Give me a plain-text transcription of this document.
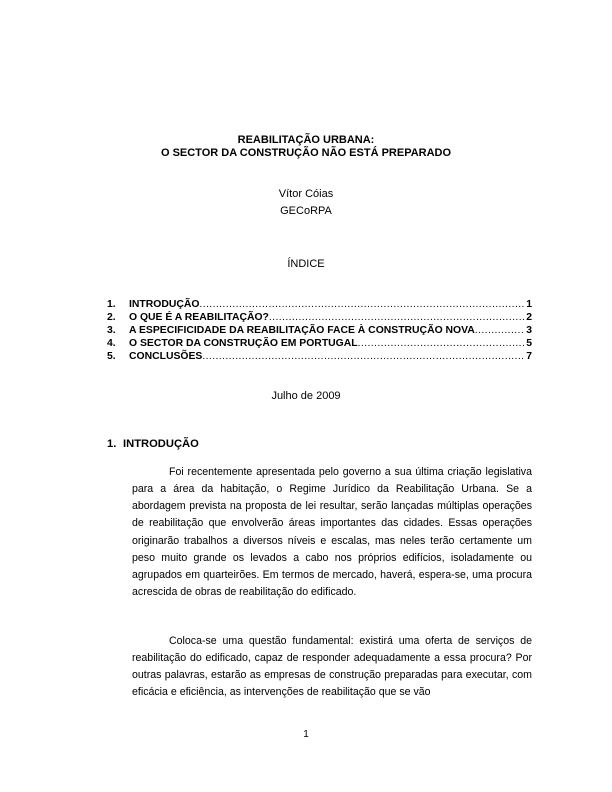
REABILITAÇÃO URBANA:
O SECTOR DA CONSTRUÇÃO NÃO ESTÁ PREPARADO
Vítor Cóias
GECoRPA
ÍNDICE
1.	INTRODUÇÃO .....	1
2.	O QUE É A REABILITAÇÃO? .....	2
3.	A ESPECIFICIDADE DA REABILITAÇÃO FACE À CONSTRUÇÃO NOVA .....	3
4.	O SECTOR DA CONSTRUÇÃO EM PORTUGAL .....	5
5.	CONCLUSÕES .....	7
Julho de 2009
1. INTRODUÇÃO

Foi recentemente apresentada pelo governo a sua última criação legislativa para a área da habitação, o Regime Jurídico da Reabilitação Urbana. Se a abordagem prevista na proposta de lei resultar, serão lançadas múltiplas operações de reabilitação que envolverão áreas importantes das cidades. Essas operações originarão trabalhos a diversos níveis e escalas, mas neles terão certamente um peso muito grande os levados a cabo nos próprios edifícios, isoladamente ou agrupados em quarteirões. Em termos de mercado, haverá, espera-se, uma procura acrescida de obras de reabilitação do edificado.

Coloca-se uma questão fundamental: existirá uma oferta de serviços de reabilitação do edificado, capaz de responder adequadamente a essa procura? Por outras palavras, estarão as empresas de construção preparadas para executar, com eficácia e eficiência, as intervenções de reabilitação que se vão

1
